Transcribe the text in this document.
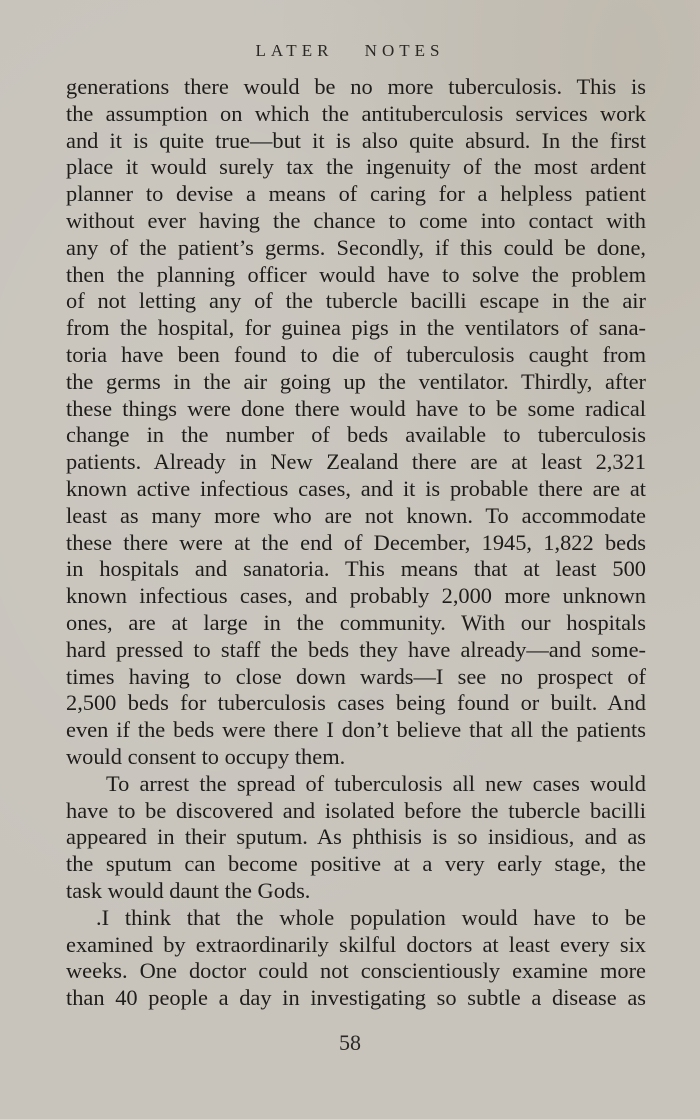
LATER NOTES
generations there would be no more tuberculosis. This is
the assumption on which the antituberculosis services work
and it is quite true—but it is also quite absurd. In the first
place it would surely tax the ingenuity of the most ardent
planner to devise a means of caring for a helpless patient
without ever having the chance to come into contact with
any of the patient’s germs. Secondly, if this could be done,
then the planning officer would have to solve the problem
of not letting any of the tubercle bacilli escape in the air
from the hospital, for guinea pigs in the ventilators of sana-
toria have been found to die of tuberculosis caught from
the germs in the air going up the ventilator. Thirdly, after
these things were done there would have to be some radical
change in the number of beds available to tuberculosis
patients. Already in New Zealand there are at least 2,321
known active infectious cases, and it is probable there are at
least as many more who are not known. To accommodate
these there were at the end of December, 1945, 1,822 beds
in hospitals and sanatoria. This means that at least 500
known infectious cases, and probably 2,000 more unknown
ones, are at large in the community. With our hospitals
hard pressed to staff the beds they have already—and some-
times having to close down wards—I see no prospect of
2,500 beds for tuberculosis cases being found or built. And
even if the beds were there I don’t believe that all the patients
would consent to occupy them.
To arrest the spread of tuberculosis all new cases would
have to be discovered and isolated before the tubercle bacilli
appeared in their sputum. As phthisis is so insidious, and as
the sputum can become positive at a very early stage, the
task would daunt the Gods.
.I think that the whole population would have to be
examined by extraordinarily skilful doctors at least every six
weeks. One doctor could not conscientiously examine more
than 40 people a day in investigating so subtle a disease as
58
